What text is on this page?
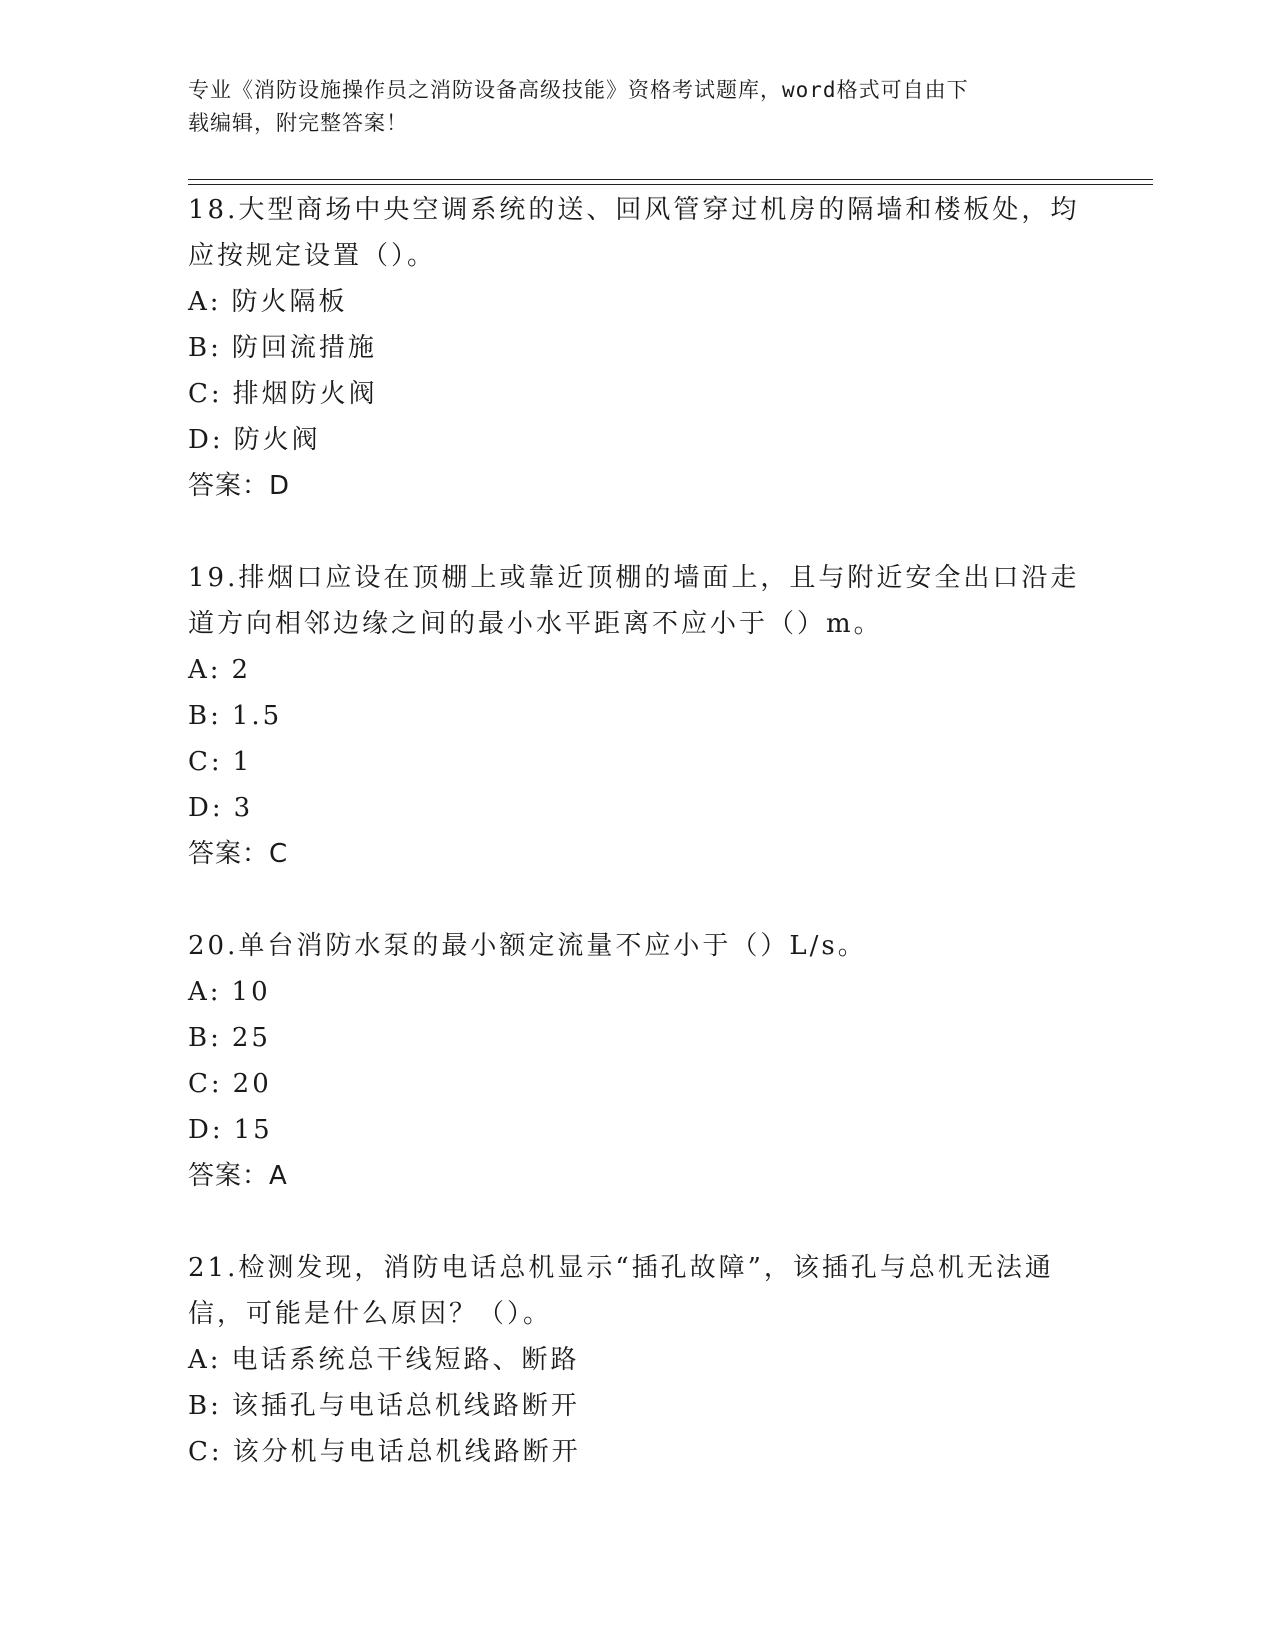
专业《消防设施操作员之消防设备高级技能》资格考试题库，word格式可自由下
载编辑，附完整答案！
18.大型商场中央空调系统的送、回风管穿过机房的隔墙和楼板处，均
应按规定设置（）。
A: 防火隔板
B: 防回流措施
C: 排烟防火阀
D: 防火阀
答案：D
19.排烟口应设在顶棚上或靠近顶棚的墙面上，且与附近安全出口沿走
道方向相邻边缘之间的最小水平距离不应小于（）m。
A: 2
B: 1.5
C: 1
D: 3
答案：C
20.单台消防水泵的最小额定流量不应小于（）L/s。
A: 10
B: 25
C: 20
D: 15
答案：A
21.检测发现，消防电话总机显示“插孔故障”，该插孔与总机无法通
信，可能是什么原因？（）。
A: 电话系统总干线短路、断路
B: 该插孔与电话总机线路断开
C: 该分机与电话总机线路断开
